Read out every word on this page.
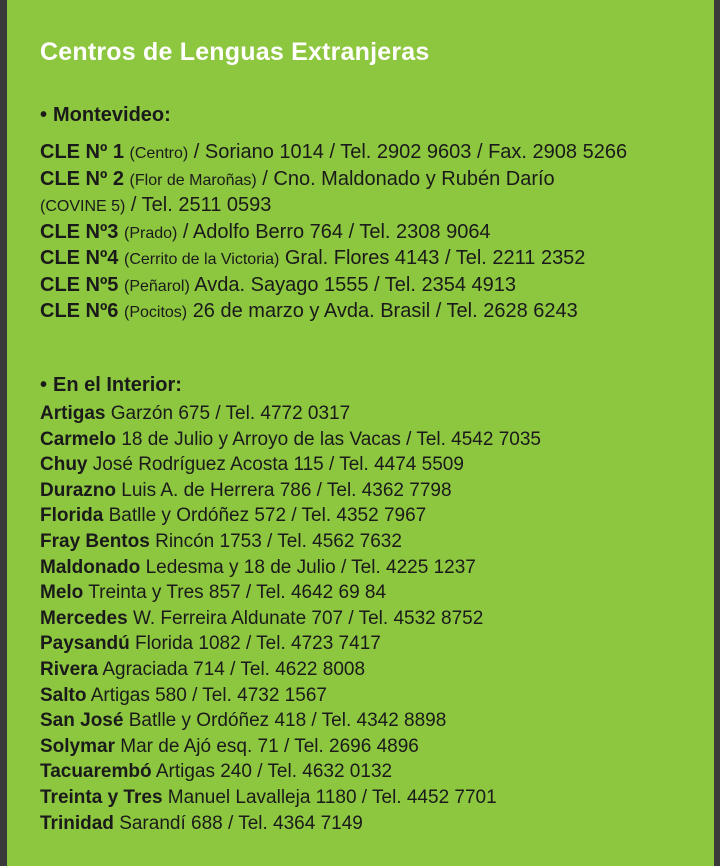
Centros de Lenguas Extranjeras
• Montevideo:
CLE Nº 1 (Centro) / Soriano 1014 / Tel. 2902 9603 / Fax. 2908 5266
CLE Nº 2 (Flor de Maroñas) / Cno. Maldonado y Rubén Darío
(COVINE 5) / Tel. 2511 0593
CLE Nº3 (Prado) / Adolfo Berro 764 / Tel. 2308 9064
CLE Nº4 (Cerrito de la Victoria) Gral. Flores 4143 / Tel. 2211 2352
CLE Nº5 (Peñarol) Avda. Sayago 1555 / Tel. 2354 4913
CLE Nº6 (Pocitos) 26 de marzo y Avda. Brasil / Tel. 2628 6243
• En el Interior:
Artigas Garzón 675 / Tel. 4772 0317
Carmelo 18 de Julio y Arroyo de las Vacas / Tel. 4542 7035
Chuy José Rodríguez Acosta 115 / Tel. 4474 5509
Durazno Luis A. de Herrera 786 / Tel. 4362 7798
Florida Batlle y Ordóñez 572 / Tel. 4352 7967
Fray Bentos Rincón 1753 / Tel. 4562 7632
Maldonado Ledesma y 18 de Julio / Tel. 4225 1237
Melo Treinta y Tres 857 / Tel. 4642 69 84
Mercedes W. Ferreira Aldunate 707 / Tel. 4532 8752
Paysandú Florida 1082 / Tel. 4723 7417
Rivera Agraciada 714 / Tel. 4622 8008
Salto Artigas 580 / Tel. 4732 1567
San José Batlle y Ordóñez 418 / Tel. 4342 8898
Solymar Mar de Ajó esq. 71 / Tel. 2696 4896
Tacuarembó Artigas 240 / Tel. 4632 0132
Treinta y Tres Manuel Lavalleja 1180 / Tel. 4452 7701
Trinidad Sarandí 688 / Tel. 4364 7149
